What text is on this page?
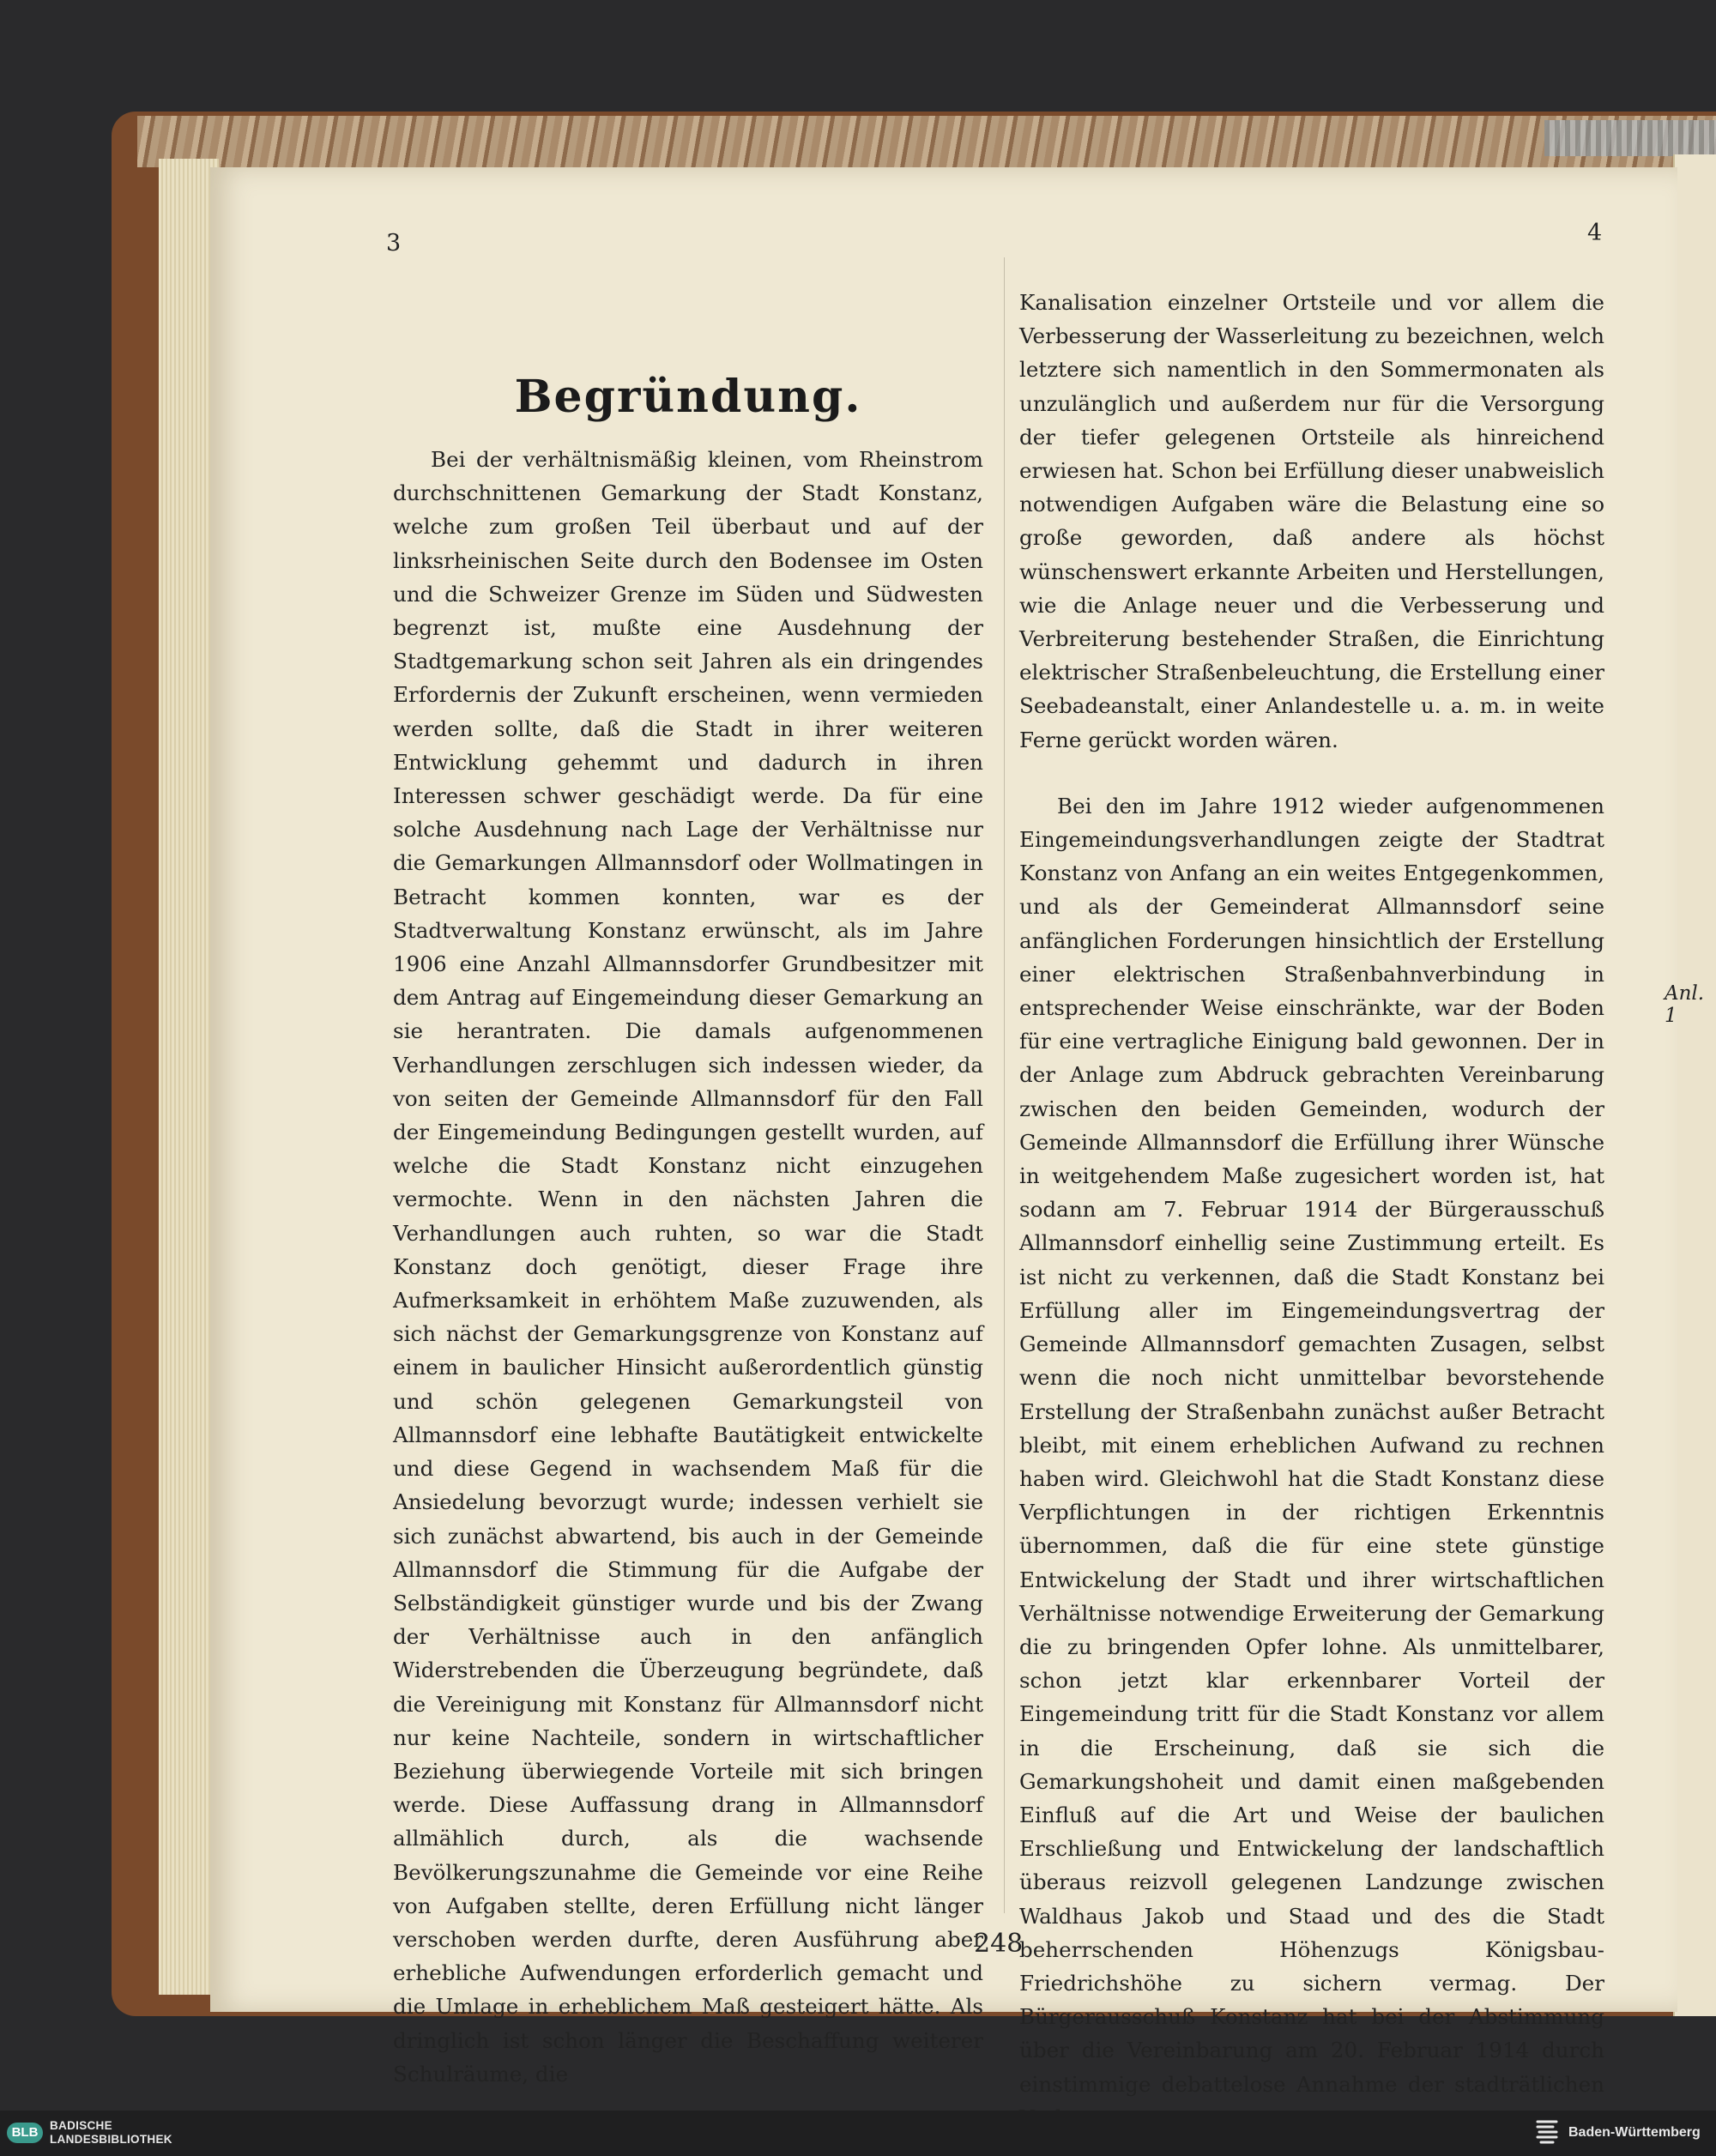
3	4
Begründung.

Bei der verhältnismäßig kleinen, vom Rheinstrom durchschnittenen Gemarkung der Stadt Konstanz, welche zum großen Teil überbaut und auf der linksrheinischen Seite durch den Bodensee im Osten und die Schweizer Grenze im Süden und Südwesten begrenzt ist, mußte eine Ausdehnung der Stadtgemarkung schon seit Jahren als ein dringendes Erfordernis der Zukunft erscheinen, wenn vermieden werden sollte, daß die Stadt in ihrer weiteren Entwicklung gehemmt und dadurch in ihren Interessen schwer geschädigt werde. Da für eine solche Ausdehnung nach Lage der Verhältnisse nur die Gemarkungen Allmannsdorf oder Wollmatingen in Betracht kommen konnten, war es der Stadtverwaltung Konstanz erwünscht, als im Jahre 1906 eine Anzahl Allmannsdorfer Grundbesitzer mit dem Antrag auf Eingemeindung dieser Gemarkung an sie herantraten. Die damals aufgenommenen Verhandlungen zerschlugen sich indessen wieder, da von seiten der Gemeinde Allmannsdorf für den Fall der Eingemeindung Bedingungen gestellt wurden, auf welche die Stadt Konstanz nicht einzugehen vermochte. Wenn in den nächsten Jahren die Verhandlungen auch ruhten, so war die Stadt Konstanz doch genötigt, dieser Frage ihre Aufmerksamkeit in erhöhtem Maße zuzuwenden, als sich nächst der Gemarkungsgrenze von Konstanz auf einem in baulicher Hinsicht außerordentlich günstig und schön gelegenen Gemarkungsteil von Allmannsdorf eine lebhafte Bautätigkeit entwickelte und diese Gegend in wachsendem Maß für die Ansiedelung bevorzugt wurde; indessen verhielt sie sich zunächst abwartend, bis auch in der Gemeinde Allmannsdorf die Stimmung für die Aufgabe der Selbständigkeit günstiger wurde und bis der Zwang der Verhältnisse auch in den anfänglich Widerstrebenden die Überzeugung begründete, daß die Vereinigung mit Konstanz für Allmannsdorf nicht nur keine Nachteile, sondern in wirtschaftlicher Beziehung überwiegende Vorteile mit sich bringen werde. Diese Auffassung drang in Allmannsdorf allmählich durch, als die wachsende Bevölkerungszunahme die Gemeinde vor eine Reihe von Aufgaben stellte, deren Erfüllung nicht länger verschoben werden durfte, deren Ausführung aber erhebliche Aufwendungen erforderlich gemacht und die Umlage in erheblichem Maß gesteigert hätte. Als dringlich ist schon länger die Beschaffung weiterer Schulräume, die

Kanalisation einzelner Ortsteile und vor allem die Verbesserung der Wasserleitung zu bezeichnen, welch letztere sich namentlich in den Sommermonaten als unzulänglich und außerdem nur für die Versorgung der tiefer gelegenen Ortsteile als hinreichend erwiesen hat. Schon bei Erfüllung dieser unabweislich notwendigen Aufgaben wäre die Belastung eine so große geworden, daß andere als höchst wünschenswert erkannte Arbeiten und Herstellungen, wie die Anlage neuer und die Verbesserung und Verbreiterung bestehender Straßen, die Einrichtung elektrischer Straßenbeleuchtung, die Erstellung einer Seebadeanstalt, einer Anlandestelle u. a. m. in weite Ferne gerückt worden wären.

Bei den im Jahre 1912 wieder aufgenommenen Eingemeindungsverhandlungen zeigte der Stadtrat Konstanz von Anfang an ein weites Entgegenkommen, und als der Gemeinderat Allmannsdorf seine anfänglichen Forderungen hinsichtlich der Erstellung einer elektrischen Straßenbahnverbindung in entsprechender Weise einschränkte, war der Boden für eine vertragliche Einigung bald gewonnen. Der in der Anlage zum Abdruck gebrachten Vereinbarung zwischen den beiden Gemeinden, wodurch der Gemeinde Allmannsdorf die Erfüllung ihrer Wünsche in weitgehendem Maße zugesichert worden ist, hat sodann am 7. Februar 1914 der Bürgerausschuß Allmannsdorf einhellig seine Zustimmung erteilt. Es ist nicht zu verkennen, daß die Stadt Konstanz bei Erfüllung aller im Eingemeindungsvertrag der Gemeinde Allmannsdorf gemachten Zusagen, selbst wenn die noch nicht unmittelbar bevorstehende Erstellung der Straßenbahn zunächst außer Betracht bleibt, mit einem erheblichen Aufwand zu rechnen haben wird. Gleichwohl hat die Stadt Konstanz diese Verpflichtungen in der richtigen Erkenntnis übernommen, daß die für eine stete günstige Entwickelung der Stadt und ihrer wirtschaftlichen Verhältnisse notwendige Erweiterung der Gemarkung die zu bringenden Opfer lohne. Als unmittelbarer, schon jetzt klar erkennbarer Vorteil der Eingemeindung tritt für die Stadt Konstanz vor allem in die Erscheinung, daß sie sich die Gemarkungshoheit und damit einen maßgebenden Einfluß auf die Art und Weise der baulichen Erschließung und Entwickelung der landschaftlich überaus reizvoll gelegenen Landzunge zwischen Waldhaus Jakob und Staad und des die Stadt beherrschenden Höhenzugs Königsbau-Friedrichshöhe zu sichern vermag. Der Bürgerausschuß Konstanz hat bei der Abstimmung über die Vereinbarung am 20. Februar 1914 durch einstimmige debattelose Annahme der stadträtlichen

Anl. 1
248
BLB	BADISCHE
LANDESBIBLIOTHEK	Baden-Württemberg
